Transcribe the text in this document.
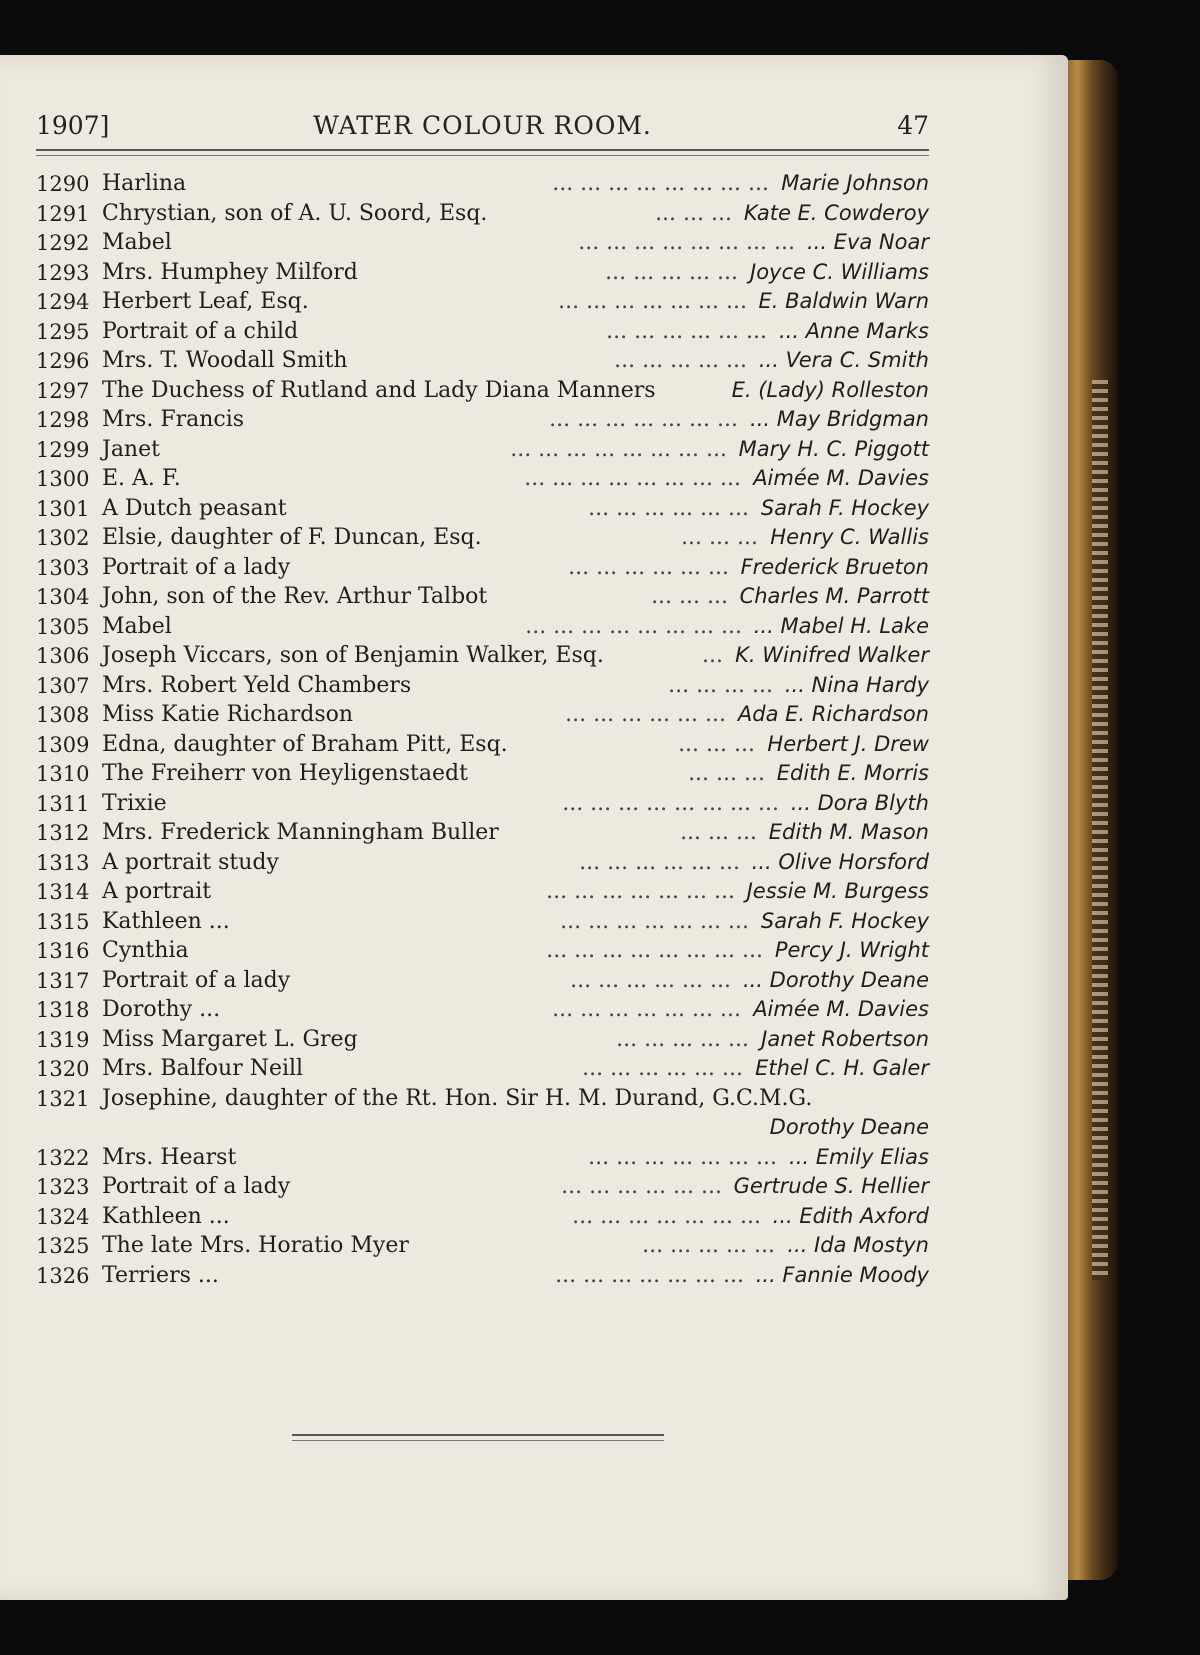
1907]	WATER COLOUR ROOM.	47
1290 Harlina	... ... ... ... ... ... ... ... Marie Johnson
1291 Chrystian, son of A. U. Soord, Esq.	... ... ... Kate E. Cowderoy
1292 Mabel	... ... ... ... ... ... ... ... ... Eva Noar
1293 Mrs. Humphey Milford	... ... ... ... ... Joyce C. Williams
1294 Herbert Leaf, Esq.	... ... ... ... ... ... ... E. Baldwin Warn
1295 Portrait of a child	... ... ... ... ... ... ... Anne Marks
1296 Mrs. T. Woodall Smith	... ... ... ... ... ... Vera C. Smith
1297 The Duchess of Rutland and Lady Diana Manners	E. (Lady) Rolleston
1298 Mrs. Francis	... ... ... ... ... ... ... ... May Bridgman
1299 Janet	... ... ... ... ... ... ... ... Mary H. C. Piggott
1300 E. A. F.	... ... ... ... ... ... ... ... Aimée M. Davies
1301 A Dutch peasant	... ... ... ... ... ... Sarah F. Hockey
1302 Elsie, daughter of F. Duncan, Esq.	... ... ... Henry C. Wallis
1303 Portrait of a lady	... ... ... ... ... ... Frederick Brueton
1304 John, son of the Rev. Arthur Talbot	... ... ... Charles M. Parrott
1305 Mabel	... ... ... ... ... ... ... ... ... Mabel H. Lake
1306 Joseph Viccars, son of Benjamin Walker, Esq.	... K. Winifred Walker
1307 Mrs. Robert Yeld Chambers	... ... ... ... ... Nina Hardy
1308 Miss Katie Richardson	... ... ... ... ... ... Ada E. Richardson
1309 Edna, daughter of Braham Pitt, Esq.	... ... ... Herbert J. Drew
1310 The Freiherr von Heyligenstaedt	... ... ... Edith E. Morris
1311 Trixie	... ... ... ... ... ... ... ... ... Dora Blyth
1312 Mrs. Frederick Manningham Buller	... ... ... Edith M. Mason
1313 A portrait study	... ... ... ... ... ... ... Olive Horsford
1314 A portrait	... ... ... ... ... ... ... Jessie M. Burgess
1315 Kathleen ...	... ... ... ... ... ... ... Sarah F. Hockey
1316 Cynthia	... ... ... ... ... ... ... ... Percy J. Wright
1317 Portrait of a lady	... ... ... ... ... ... ... Dorothy Deane
1318 Dorothy ...	... ... ... ... ... ... ... Aimée M. Davies
1319 Miss Margaret L. Greg	... ... ... ... ... Janet Robertson
1320 Mrs. Balfour Neill	... ... ... ... ... ... Ethel C. H. Galer
1321 Josephine, daughter of the Rt. Hon. Sir H. M. Durand, G.C.M.G.
Dorothy Deane
1322 Mrs. Hearst	... ... ... ... ... ... ... ... Emily Elias
1323 Portrait of a lady	... ... ... ... ... ... Gertrude S. Hellier
1324 Kathleen ...	... ... ... ... ... ... ... ... Edith Axford
1325 The late Mrs. Horatio Myer	... ... ... ... ... ... Ida Mostyn
1326 Terriers ...	... ... ... ... ... ... ... ... Fannie Moody
